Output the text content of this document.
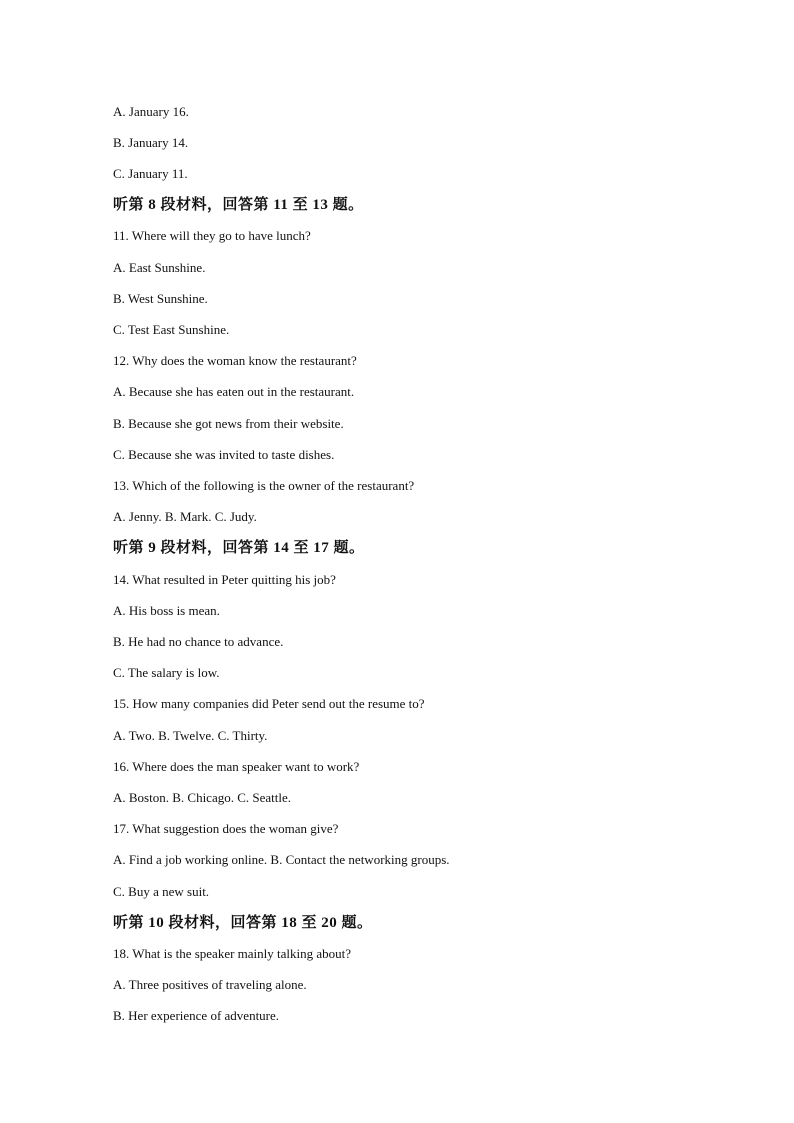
A. January 16.
B. January 14.
C. January 11.
听第 8 段材料，回答第 11 至 13 题。
11. Where will they go to have lunch?
A. East Sunshine.
B. West Sunshine.
C. Test East Sunshine.
12. Why does the woman know the restaurant?
A. Because she has eaten out in the restaurant.
B. Because she got news from their website.
C. Because she was invited to taste dishes.
13. Which of the following is the owner of the restaurant?
A. Jenny. B. Mark. C. Judy.
听第 9 段材料，回答第 14 至 17 题。
14. What resulted in Peter quitting his job?
A. His boss is mean.
B. He had no chance to advance.
C. The salary is low.
15. How many companies did Peter send out the resume to?
A. Two. B. Twelve. C. Thirty.
16. Where does the man speaker want to work?
A. Boston. B. Chicago. C. Seattle.
17. What suggestion does the woman give?
A. Find a job working online. B. Contact the networking groups.
C. Buy a new suit.
听第 10 段材料，回答第 18 至 20 题。
18. What is the speaker mainly talking about?
A. Three positives of traveling alone.
B. Her experience of adventure.
